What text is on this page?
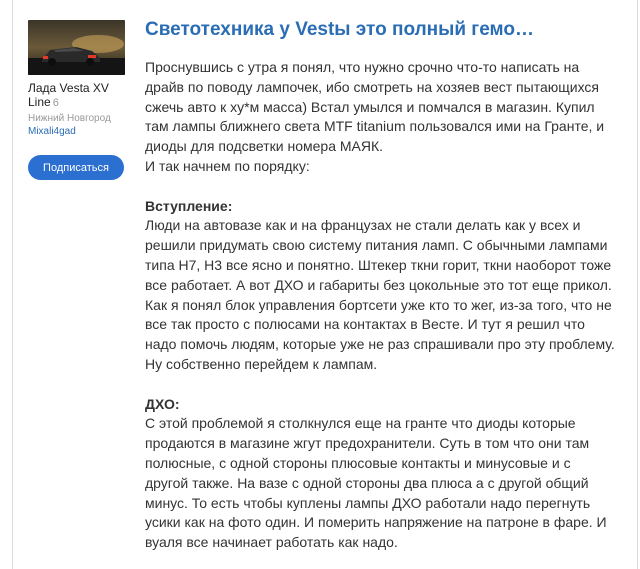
Лада Vesta XV Line 6
Нижний Новгород
Mixali4gad
Подписаться
Светотехника у Vestы это полный гемо…

Проснувшись с утра я понял, что нужно срочно что-то написать на драйв по поводу лампочек, ибо смотреть на хозяев вест пытающихся сжечь авто к ху*м масса) Встал умылся и помчался в магазин. Купил там лампы ближнего света MTF titanium пользовался ими на Гранте, и диоды для подсветки номера МАЯК.

И так начнем по порядку:

Вступление:

Люди на автовазе как и на французах не стали делать как у всех и решили придумать свою систему питания ламп. С обычными лампами типа Н7, Н3 все ясно и понятно. Штекер ткни горит, ткни наоборот тоже все работает. А вот ДХО и габариты без цокольные это тот еще прикол. Как я понял блок управления бортсети уже кто то жег, из-за того, что не все так просто с полюсами на контактах в Весте. И тут я решил что надо помочь людям, которые уже не раз спрашивали про эту проблему. Ну собственно перейдем к лампам.

ДХО:

С этой проблемой я столкнулся еще на гранте что диоды которые продаются в магазине жгут предохранители. Суть в том что они там полюсные, с одной стороны плюсовые контакты и минусовые и с другой также. На вазе с одной стороны два плюса а с другой общий минус. То есть чтобы куплены лампы ДХО работали надо перегнуть усики как на фото один. И померить напряжение на патроне в фаре. И вуаля все начинает работать как надо.
